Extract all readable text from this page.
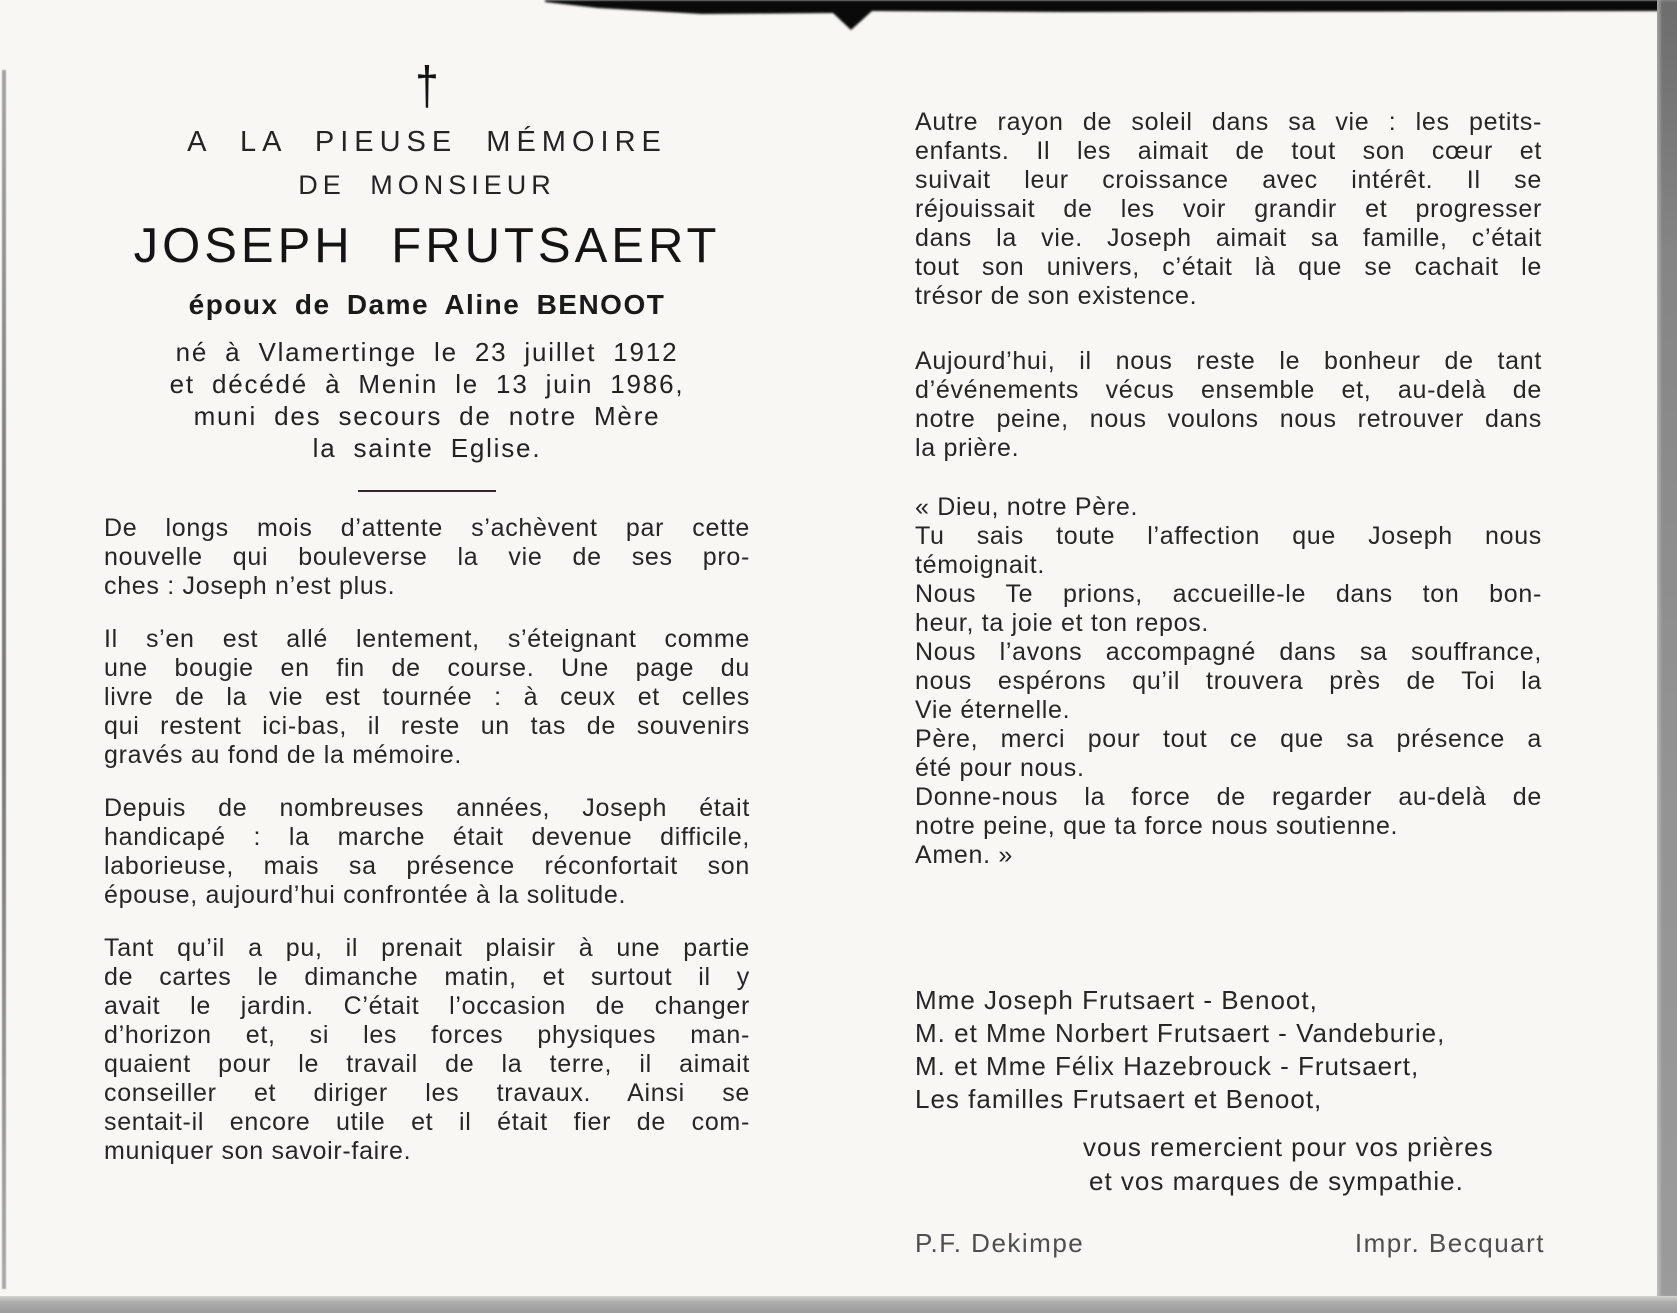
†
A LA PIEUSE MÉMOIRE
DE MONSIEUR
JOSEPH FRUTSAERT
époux de Dame Aline BENOOT
né à Vlamertinge le 23 juillet 1912
et décédé à Menin le 13 juin 1986,
muni des secours de notre Mère
la sainte Eglise.
De longs mois d’attente s’achèvent par cette
nouvelle qui bouleverse la vie de ses pro-
ches : Joseph n’est plus.
Il s’en est allé lentement, s’éteignant comme
une bougie en fin de course. Une page du
livre de la vie est tournée : à ceux et celles
qui restent ici-bas, il reste un tas de souvenirs
gravés au fond de la mémoire.
Depuis de nombreuses années, Joseph était
handicapé : la marche était devenue difficile,
laborieuse, mais sa présence réconfortait son
épouse, aujourd’hui confrontée à la solitude.
Tant qu’il a pu, il prenait plaisir à une partie
de cartes le dimanche matin, et surtout il y
avait le jardin. C’était l’occasion de changer
d’horizon et, si les forces physiques man-
quaient pour le travail de la terre, il aimait
conseiller et diriger les travaux. Ainsi se
sentait-il encore utile et il était fier de com-
muniquer son savoir-faire.
Autre rayon de soleil dans sa vie : les petits-
enfants. Il les aimait de tout son cœur et
suivait leur croissance avec intérêt. Il se
réjouissait de les voir grandir et progresser
dans la vie. Joseph aimait sa famille, c’était
tout son univers, c’était là que se cachait le
trésor de son existence.
Aujourd’hui, il nous reste le bonheur de tant
d’événements vécus ensemble et, au-delà de
notre peine, nous voulons nous retrouver dans
la prière.
« Dieu, notre Père.
Tu sais toute l’affection que Joseph nous
témoignait.
Nous Te prions, accueille-le dans ton bon-
heur, ta joie et ton repos.
Nous l’avons accompagné dans sa souffrance,
nous espérons qu’il trouvera près de Toi la
Vie éternelle.
Père, merci pour tout ce que sa présence a
été pour nous.
Donne-nous la force de regarder au-delà de
notre peine, que ta force nous soutienne.
Amen. »
Mme Joseph Frutsaert - Benoot,
M. et Mme Norbert Frutsaert - Vandeburie,
M. et Mme Félix Hazebrouck - Frutsaert,
Les familles Frutsaert et Benoot,
vous remercient pour vos prières
et vos marques de sympathie.
P.F. Dekimpe	Impr. Becquart
